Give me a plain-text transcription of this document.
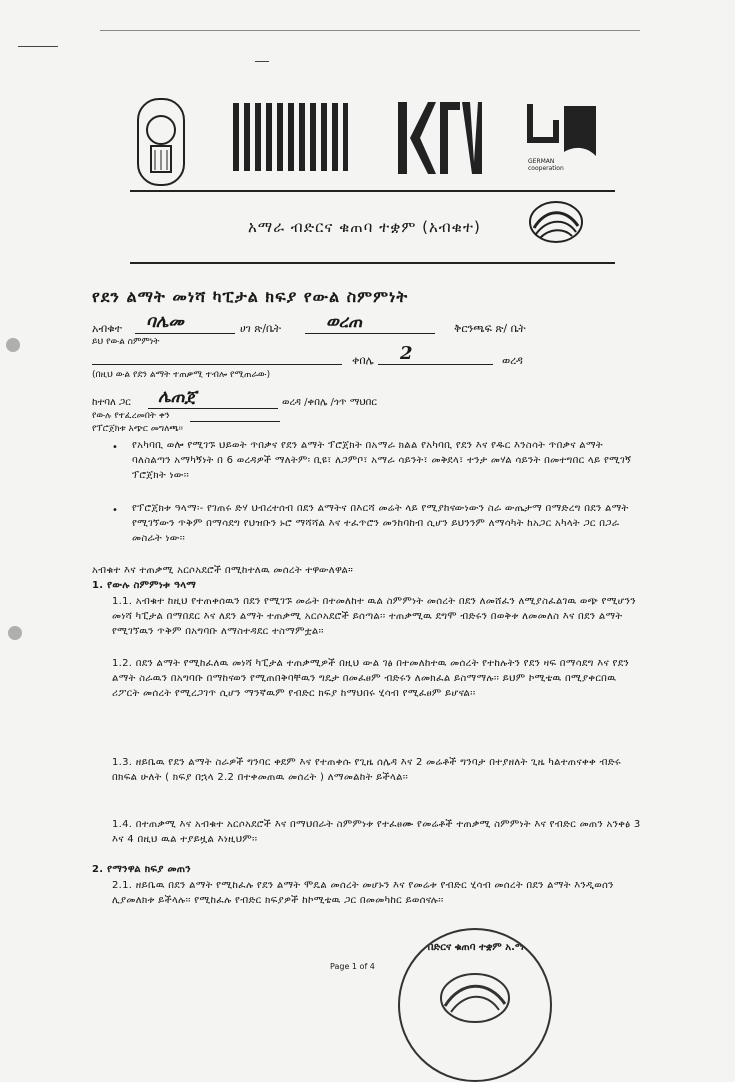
GERMAN
cooperation
አማራ ብድርና ቁጠባ ተቋም (አብቁተ)
የደን ልማት መነሻ ካፒታል ክፍያ የውል ስምምነት
አብቁተ ባሌመ	ሀገ ጽ/ቤት	ወረጠ	ቅርንጫፍ ጽ/ ቤት
ይህ የውል ስምምነት
ቀበሌ 2	ወረዳ
(በዚህ ውል የደን ልማት ተጠቃሚ ተብሎ የሚጠራው)
ከተባለ ጋር ሌጠጀ	ወረዳ /ቀበሌ /ጎጥ ማህበር
የውሉ የተፈረመበት ቀን
የፕሮጀክቱ አጭር መግለጫ፡፡
• የአካባቢ ወሎ የሚገኙ ህይወት ጥበቃና የደን ልማት ፕሮጀክት በአማራ ክልል የአካባቢ የደን እና የዱር እንስሳት ጥበቃና ልማት ባለስልጣን አማካኝነት በ 6 ወረዳዎች ማለትም፡ ቢዩ፣ ለጋምቦ፣ አማራ ሳይንት፣ መቅደላ፣ ተንታ መሃል ሳይንት በመተግበር ላይ የሚገኝ ፕሮጀክት ነው፡፡
• የፕሮጀክቱ ዓላማ፡- የገጠሩ ድሃ ህብረተሰብ በደን ልማትና በእርሻ መሬት ላይ የሚያከናውነውን ስራ ውጤታማ በማድረግ በደን ልማት የሚገኘውን ጥቅም በማሳደግ የህዝቡን ኑሮ ማሻሻል እና ተፈጥሮን መንከባከብ ሲሆን ይህንንም ለማሳካት ከአጋር አካላት ጋር በጋራ መስራት ነው፡፡
አብቁተ እና ተጠቃሚ አርሶአደሮች በሚከተለዉ መሰረት ተዋውለዋል።
1. የውሉ ስምምነቱ ዓላማ
1.1. አብቁተ ከዚህ የተጠቀሰዉን በደን የሚገኙ መሬት በተመለከተ ዉል ስምምነት መሰረት በደን ለመሸፈን ለሚያስፈልገዉ ወጭ የሚሆንን መነሻ ካፒታል በማበደር እና ለደን ልማት ተጠቃሚ አርሶአደሮች ይሰጣል፡፡ ተጠቃሚዉ ደግሞ ብድሩን በወቅቱ ለመመለስ እና በደን ልማት የሚገኘዉን ጥቅም በአግባቡ ለማስተዳደር ተስማምቷል፡፡
1.2. በደን ልማት የሚከፈለዉ መነሻ ካፒታል ተጠቃሚዎች በዚህ ውል ገፅ በተመለከተዉ መሰረት የተከሉትን የደን ዛፍ በማሳደግ እና የደን ልማት ስራዉን በአግባቡ በማከናወን የሚጠበቅባቸዉን ግዴታ በመፈፀም ብድሩን ለመክፈል ይስማማሉ፡፡ ይህም ኮሚቴዉ በሚያቀርበዉ ሪፖርት መሰረት የሚረጋገጥ ሲሆን ማንኛዉም የብድር ክፍያ ከማህበሩ ሂሳብ የሚፈፀም ይሆናል፡፡
1.3. ዘይቤዉ የደን ልማት ስራዎች ግንባር ቀደም እና የተጠቀሱ የጊዜ ሰሌዳ እና 2 መሬቶች ግንባታ በተያዘለት ጊዜ ካልተጠናቀቀ ብድሩ በክፍል ሁለት ( ክፍያ በኋላ 2.2 በተቀመጠዉ መሰረት ) ለማመልከት ይችላል፡፡
1.4. በተጠቃሚ እና አብቁተ አርሶአደሮች እና በማህበራት ስምምነቱ የተፈፀሙ የመሬቶች ተጠቃሚ ስምምነት እና የብድር መጠን አንቀፅ 3 እና 4 በዚህ ዉል ተያይዟል እነዚህም፡፡
2. የማንዋል ክፍያ መጠን
2.1. ዘይቤዉ በደን ልማት የሚከፈሉ የደን ልማት ሞዴል መሰረት መሆኑን እና የመሬቱ የብድር ሂሳብ መሰረት በደን ልማት እንዲወሰን ሊያመለክቱ ይችላሉ፡፡ የሚከፈሉ የብድር ክፍያዎች ከኮሚቴዉ ጋር በመመካከር ይወሰናሉ፡፡
Page 1 of 4
ብድርና ቁጠባ ተቋም አ.ማ
